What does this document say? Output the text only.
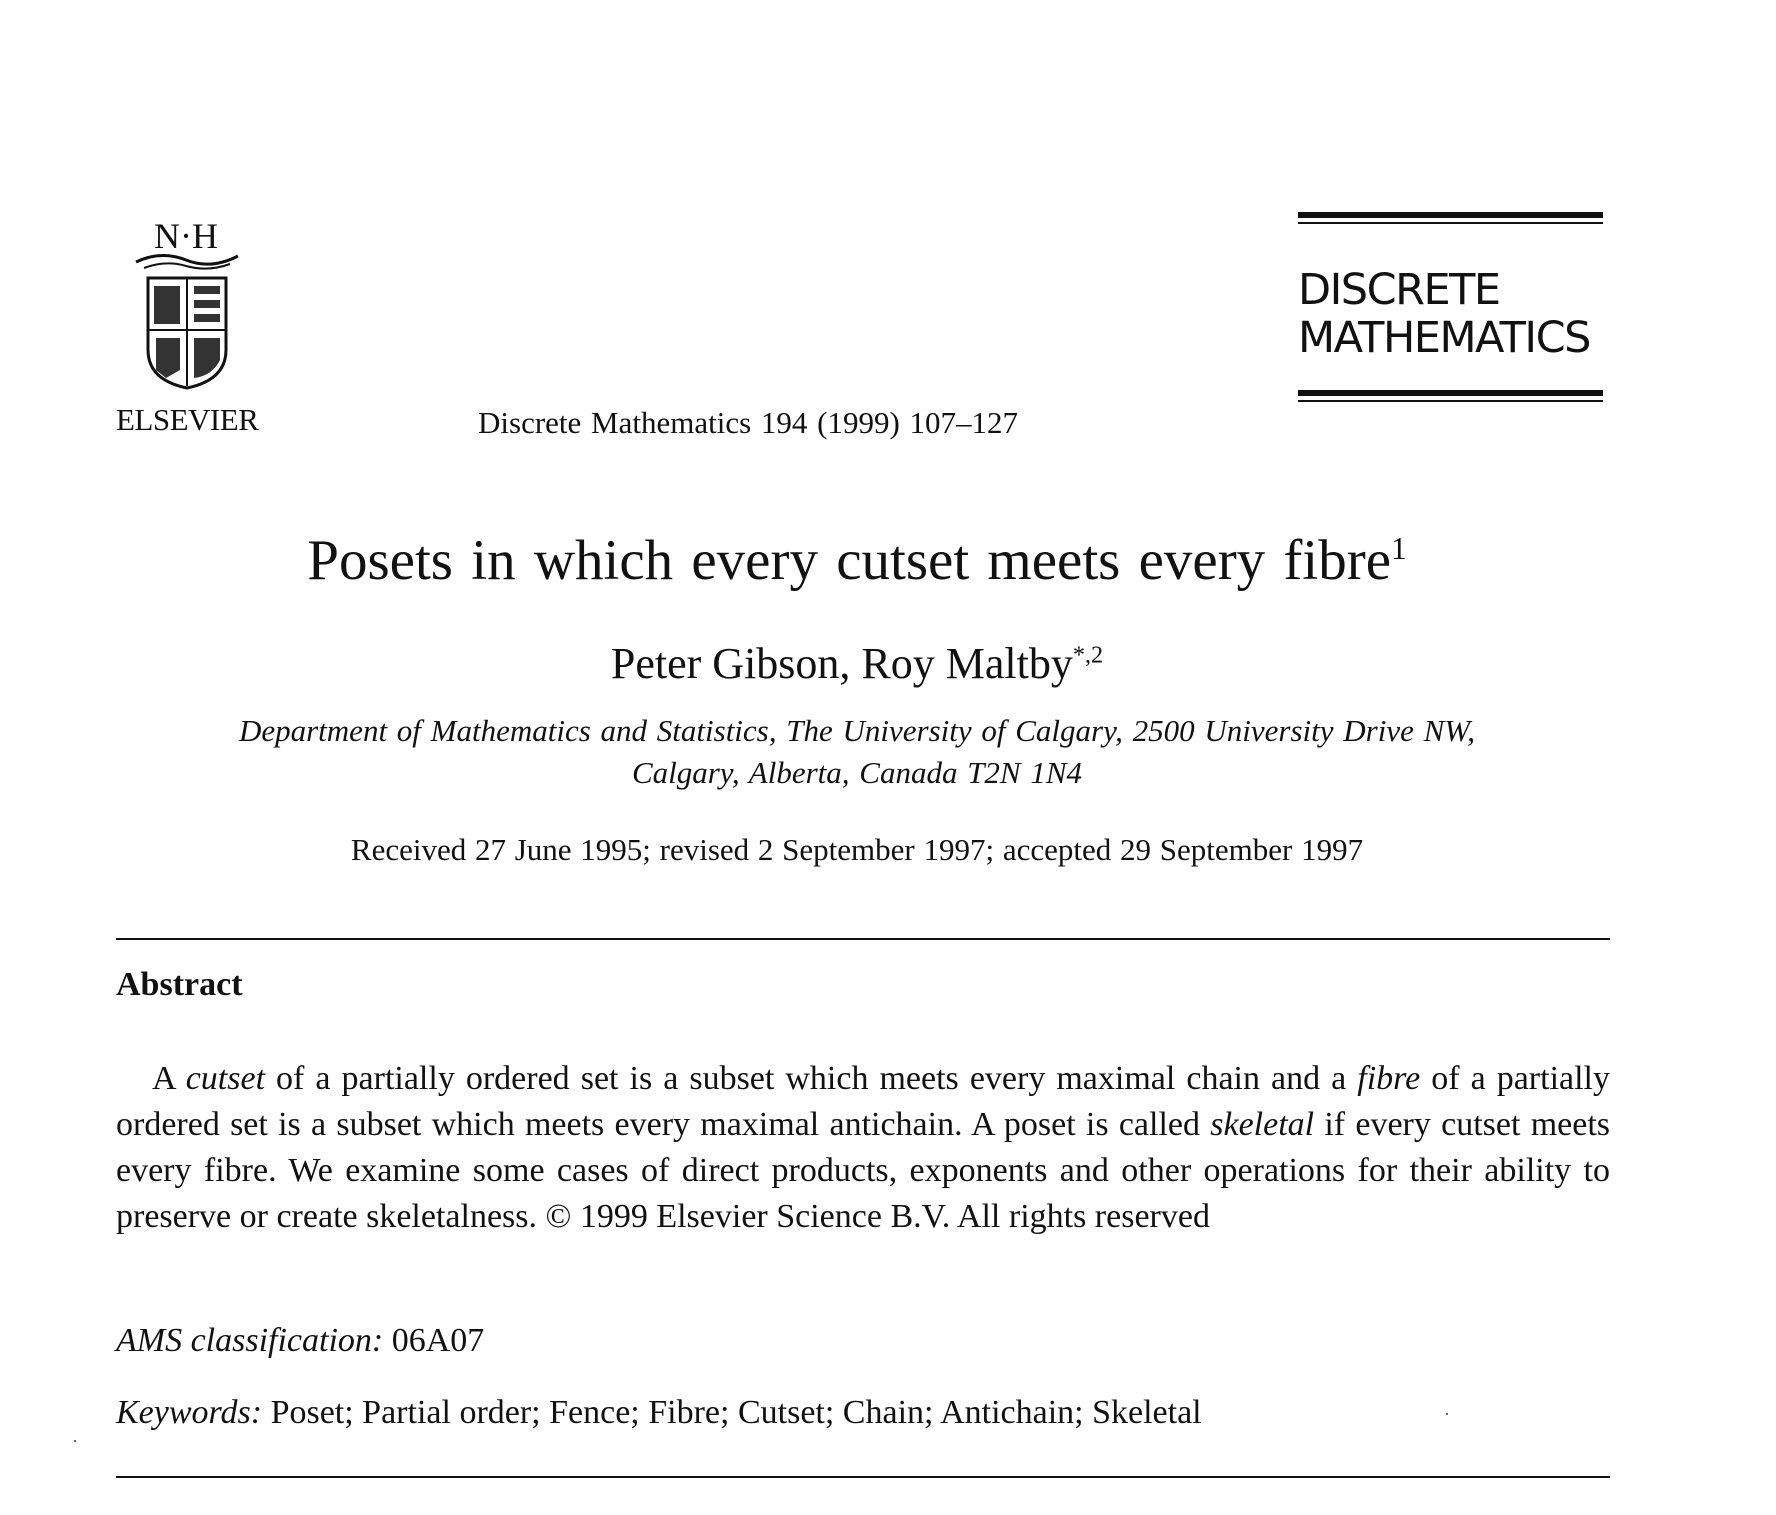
N·H
ELSEVIER	Discrete Mathematics 194 (1999) 107–127
DISCRETE
MATHEMATICS
Posets in which every cutset meets every fibre$^1$
Peter Gibson, Roy Maltby$^{*,2}$
Department of Mathematics and Statistics, The University of Calgary, 2500 University Drive NW,
Calgary, Alberta, Canada T2N 1N4
Received 27 June 1995; revised 2 September 1997; accepted 29 September 1997
Abstract
A cutset of a partially ordered set is a subset which meets every maximal chain and a fibre of a partially ordered set is a subset which meets every maximal antichain. A poset is called skeletal if every cutset meets every fibre. We examine some cases of direct products, exponents and other operations for their ability to preserve or create skeletalness. © 1999 Elsevier Science B.V. All rights reserved
AMS classification: 06A07
Keywords: Poset; Partial order; Fence; Fibre; Cutset; Chain; Antichain; Skeletal
